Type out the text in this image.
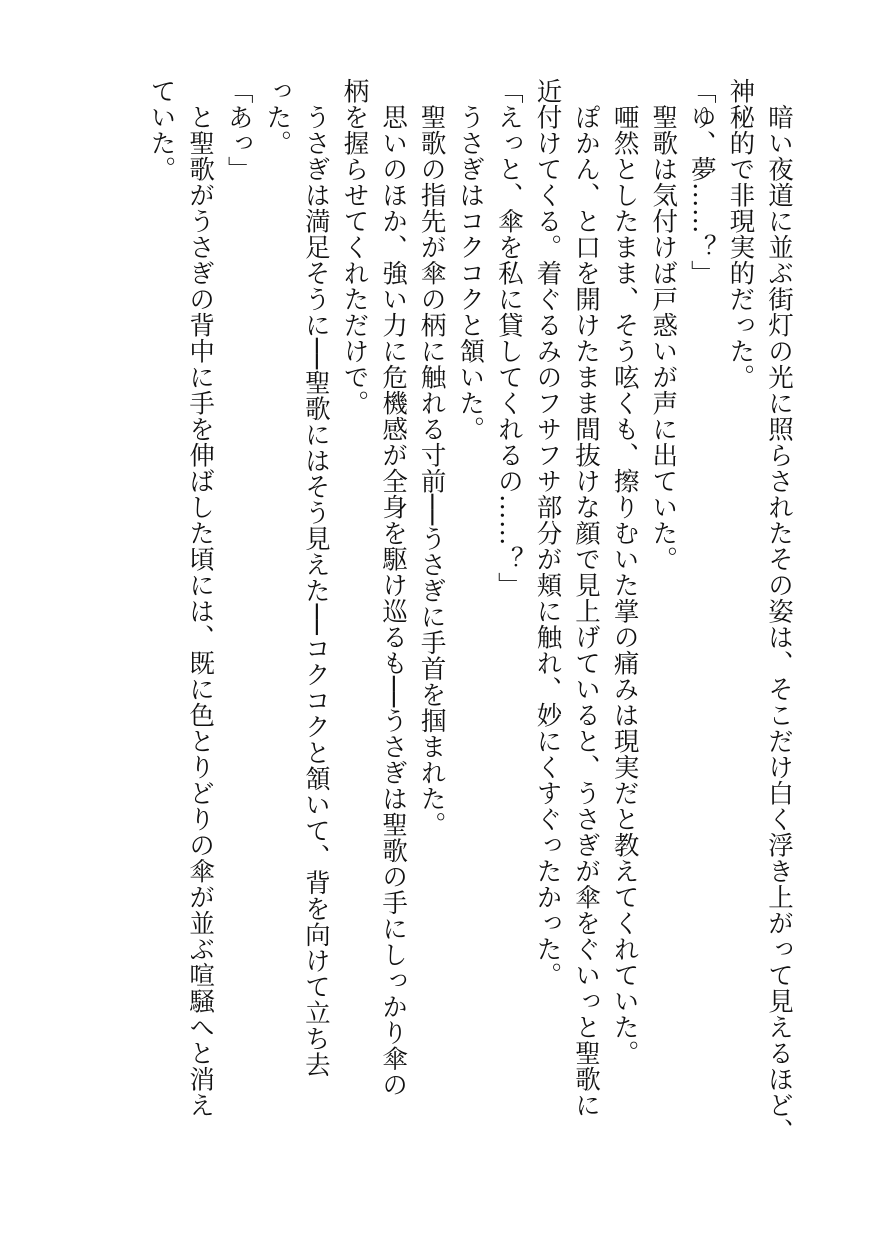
　暗い夜道に並ぶ街灯の光に照らされたその姿は、そこだけ白く浮き上がって見えるほど、
神秘的で非現実的だった。
「ゆ、夢……？」
　聖歌は気付けば戸惑いが声に出ていた。
　唖然としたまま、そう呟くも、擦りむいた掌の痛みは現実だと教えてくれていた。
　ぽかん、と口を開けたまま間抜けな顔で見上げていると、うさぎが傘をぐいっと聖歌に
近付けてくる。着ぐるみのフサフサ部分が頬に触れ、妙にくすぐったかった。
「えっと、傘を私に貸してくれるの……？」
　うさぎはコクコクと頷いた。
　聖歌の指先が傘の柄に触れる寸前──うさぎに手首を掴まれた。
　思いのほか、強い力に危機感が全身を駆け巡るも──うさぎは聖歌の手にしっかり傘の
柄を握らせてくれただけで。
　うさぎは満足そうに──聖歌にはそう見えた──コクコクと頷いて、背を向けて立ち去
った。
「あっ」
　と聖歌がうさぎの背中に手を伸ばした頃には、既に色とりどりの傘が並ぶ喧騒へと消え
ていた。
